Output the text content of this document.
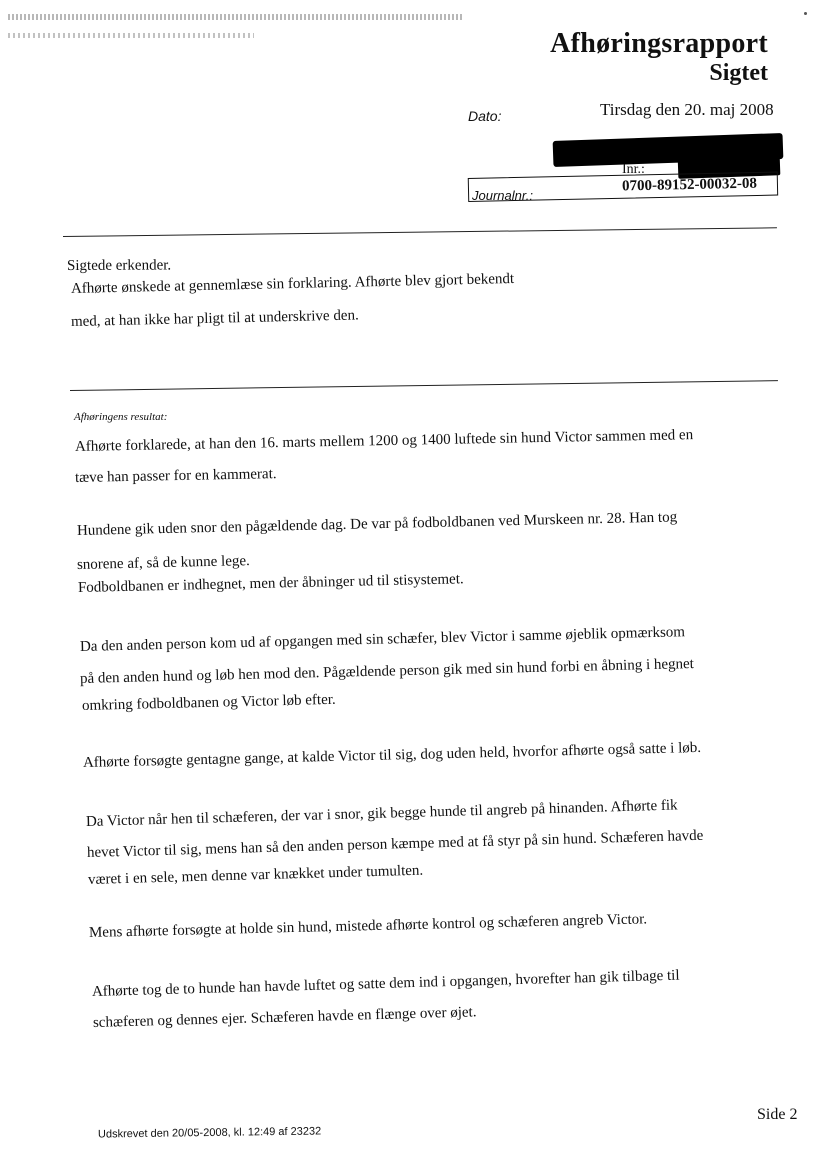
Afhøringsrapport
Sigtet
Dato:	Tirsdag den 20. maj 2008
Inr.:
Journalnr.:
0700-89152-00032-08
Sigtede erkender.
Afhørte ønskede at gennemlæse sin forklaring. Afhørte blev gjort bekendt
med, at han ikke har pligt til at underskrive den.
Afhøringens resultat:
Afhørte forklarede, at han den 16. marts mellem 1200 og 1400 luftede sin hund Victor sammen med en
tæve han passer for en kammerat.
Hundene gik uden snor den pågældende dag. De var på fodboldbanen ved Murskeen nr. 28. Han tog
snorene af, så de kunne lege.
Fodboldbanen er indhegnet, men der åbninger ud til stisystemet.
Da den anden person kom ud af opgangen med sin schæfer, blev Victor i samme øjeblik opmærksom
på den anden hund og løb hen mod den. Pågældende person gik med sin hund forbi en åbning i hegnet
omkring fodboldbanen og Victor løb efter.
Afhørte forsøgte gentagne gange, at kalde Victor til sig, dog uden held, hvorfor afhørte også satte i løb.
Da Victor når hen til schæferen, der var i snor, gik begge hunde til angreb på hinanden. Afhørte fik
hevet Victor til sig, mens han så den anden person kæmpe med at få styr på sin hund. Schæferen havde
været i en sele, men denne var knækket under tumulten.
Mens afhørte forsøgte at holde sin hund, mistede afhørte kontrol og schæferen angreb Victor.
Afhørte tog de to hunde han havde luftet og satte dem ind i opgangen, hvorefter han gik tilbage til
schæferen og dennes ejer. Schæferen havde en flænge over øjet.
Side 2
Udskrevet den 20/05-2008, kl. 12:49 af 23232
